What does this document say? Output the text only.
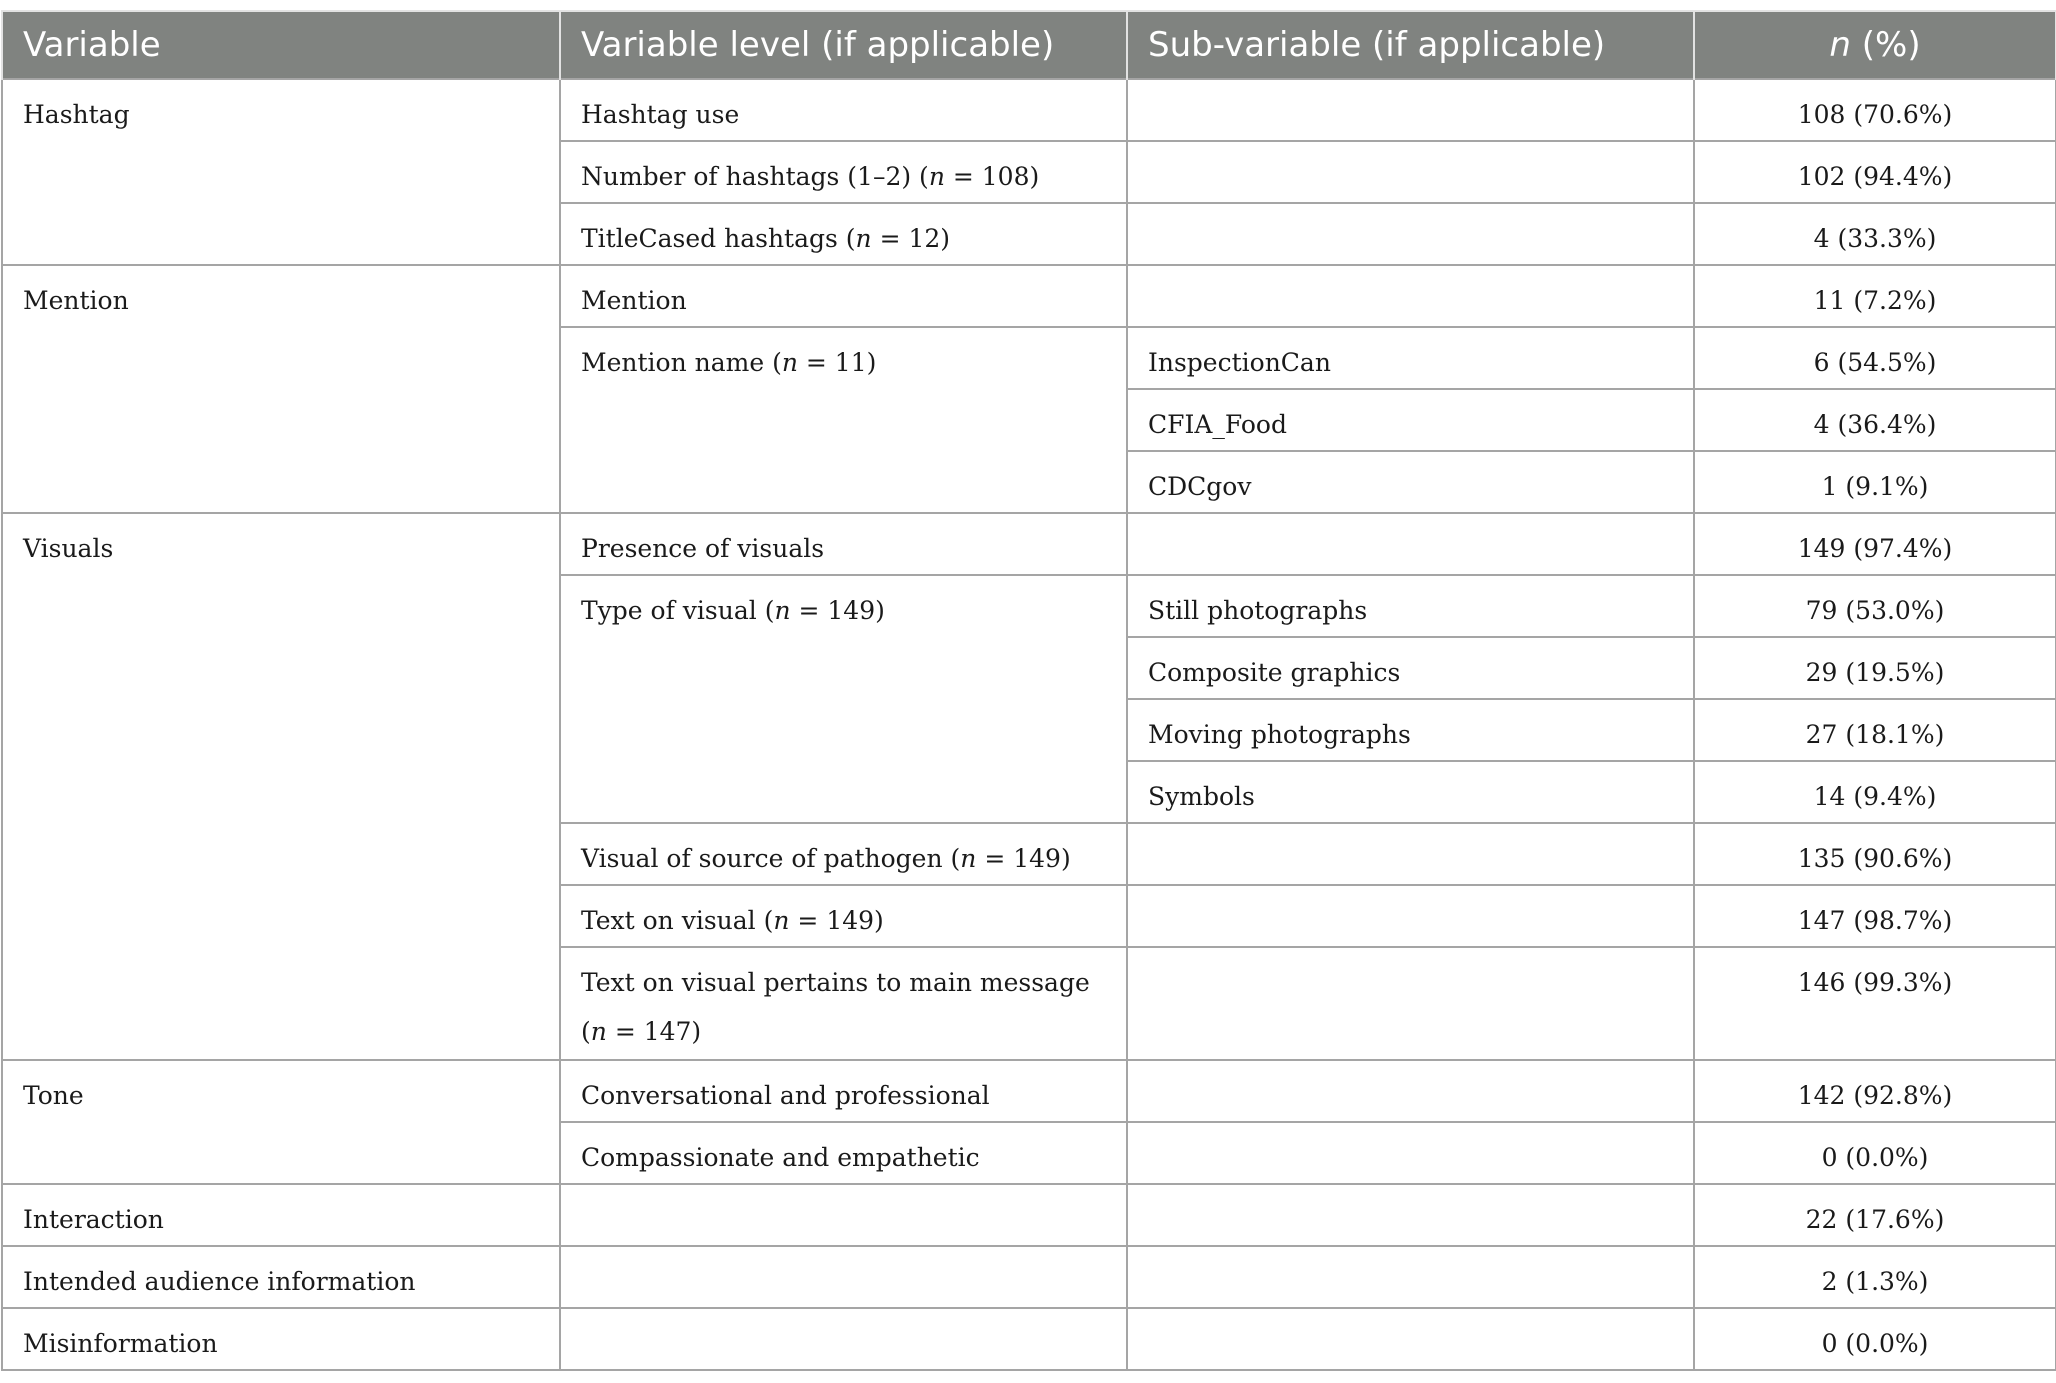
Variable	Variable level (if applicable)	Sub-variable (if applicable)	n (%)
Hashtag	Hashtag use		108 (70.6%)
	Number of hashtags (1–2) (n = 108)		102 (94.4%)
	TitleCased hashtags (n = 12)		4 (33.3%)
Mention	Mention		11 (7.2%)
	Mention name (n = 11)	InspectionCan	6 (54.5%)
		CFIA_Food	4 (36.4%)
		CDCgov	1 (9.1%)
Visuals	Presence of visuals		149 (97.4%)
	Type of visual (n = 149)	Still photographs	79 (53.0%)
		Composite graphics	29 (19.5%)
		Moving photographs	27 (18.1%)
		Symbols	14 (9.4%)
	Visual of source of pathogen (n = 149)		135 (90.6%)
	Text on visual (n = 149)		147 (98.7%)
	Text on visual pertains to main message (n = 147)		146 (99.3%)
Tone	Conversational and professional		142 (92.8%)
	Compassionate and empathetic		0 (0.0%)
Interaction			22 (17.6%)
Intended audience information			2 (1.3%)
Misinformation			0 (0.0%)
